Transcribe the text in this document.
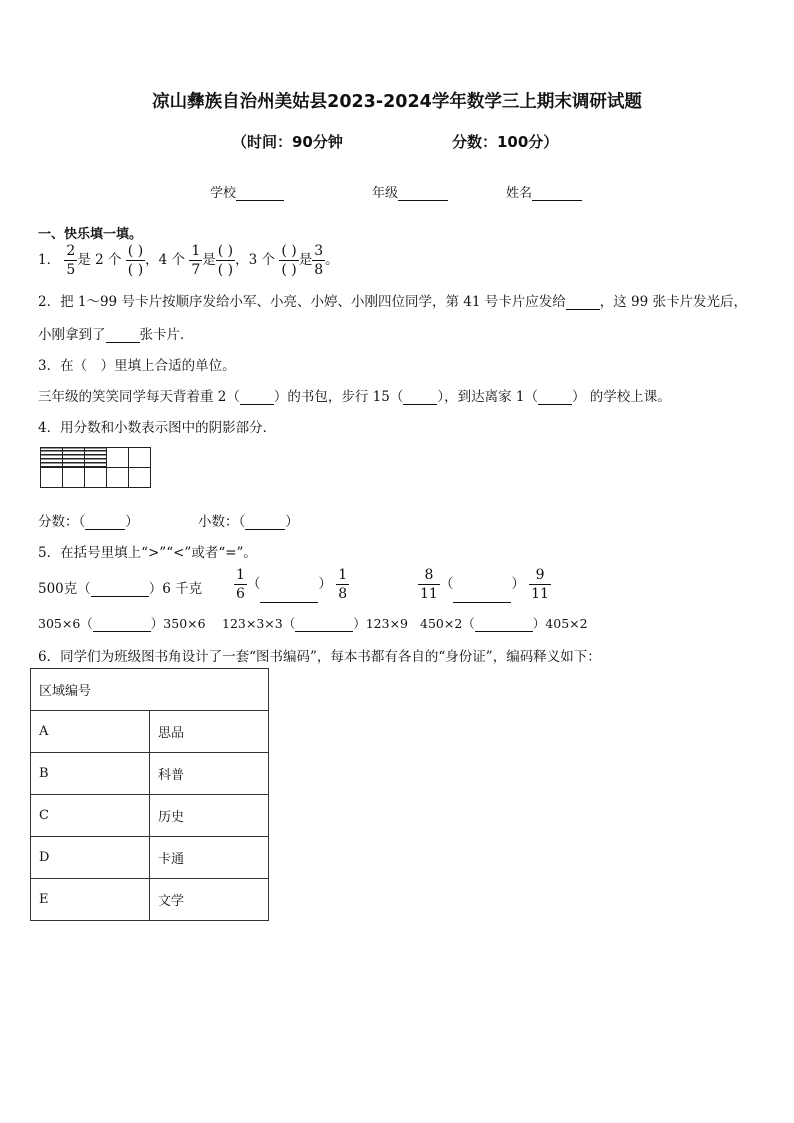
凉山彝族自治州美姑县2023-2024学年数学三上期末调研试题
（时间：90分钟	分数：100分）
学校	年级	姓名
一、快乐填一填。
1． $\frac{2}{5}$ 是 2 个 $\frac{( )}{( )}$ ，4 个 $\frac{1}{7}$ 是 $\frac{( )}{( )}$ ，3 个 $\frac{( )}{( )}$ 是 $\frac{3}{8}$ 。
2．把 1～99 号卡片按顺序发给小军、小亮、小婷、小刚四位同学，第 41 号卡片应发给	，这 99 张卡片发光后，
小刚拿到了	张卡片．
3．在（　）里填上合适的单位。
三年级的笑笑同学每天背着重 2（	）的书包，步行 15（	），到达离家 1（	） 的学校上课。
4．用分数和小数表示图中的阴影部分．

分数：（	）	小数：（	）
5．在括号里填上“>”“<”或者“=”。
500克（	）6 千克 $\frac{1}{6}$ （	） $\frac{1}{8}$	$\frac{8}{11}$ （	） $\frac{9}{11}$
305×6（	）350×6 123×3×3（	）123×9 450×2（	）405×2
6．同学们为班级图书角设计了一套“图书编码”，每本书都有各自的“身份证”，编码释义如下：
区域编号	
A	思品
B	科普
C	历史
D	卡通
E	文学
